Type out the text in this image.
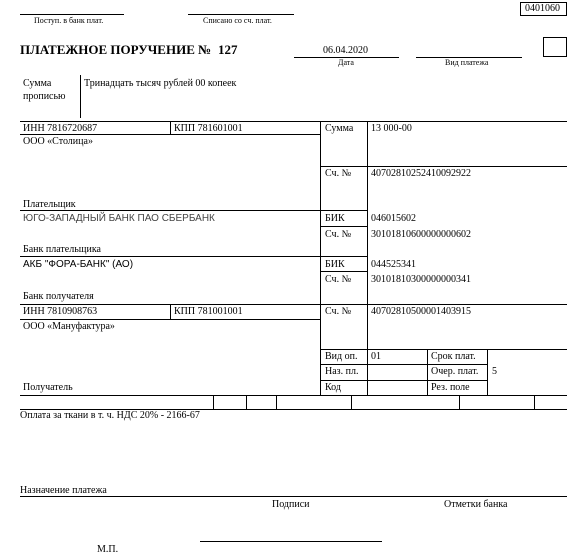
0401060
Поступ. в банк плат.	Списано со сч. плат.
ПЛАТЕЖНОЕ ПОРУЧЕНИЕ № 127	06.04.2020
Дата	Вид платежа
Сумма
прописью
Тринадцать тысяч рублей 00 копеек
ИНН 7816720687	КПП 781601001
ООО «Столица»
Плательщик
Сумма 13 000-00
Сч. № 40702810252410092922
ЮГО-ЗАПАДНЫЙ БАНК ПАО СБЕРБАНК
Банк плательщика
БИК	046015602
Сч. № 30101810600000000602
АКБ "ФОРА-БАНК" (АО)
Банк получателя
БИК	044525341
Сч. № 30101810300000000341
ИНН 7810908763	КПП 781001001
ООО «Мануфактура»
Получатель
Сч. № 40702810500001403915
Вид оп. 01
Наз. пл.
Код
Срок плат.
Очер. плат. 5
Рез. поле
Оплата за ткани в т. ч. НДС 20% - 2166-67
Назначение платежа
Подписи	Отметки банка
М.П.
